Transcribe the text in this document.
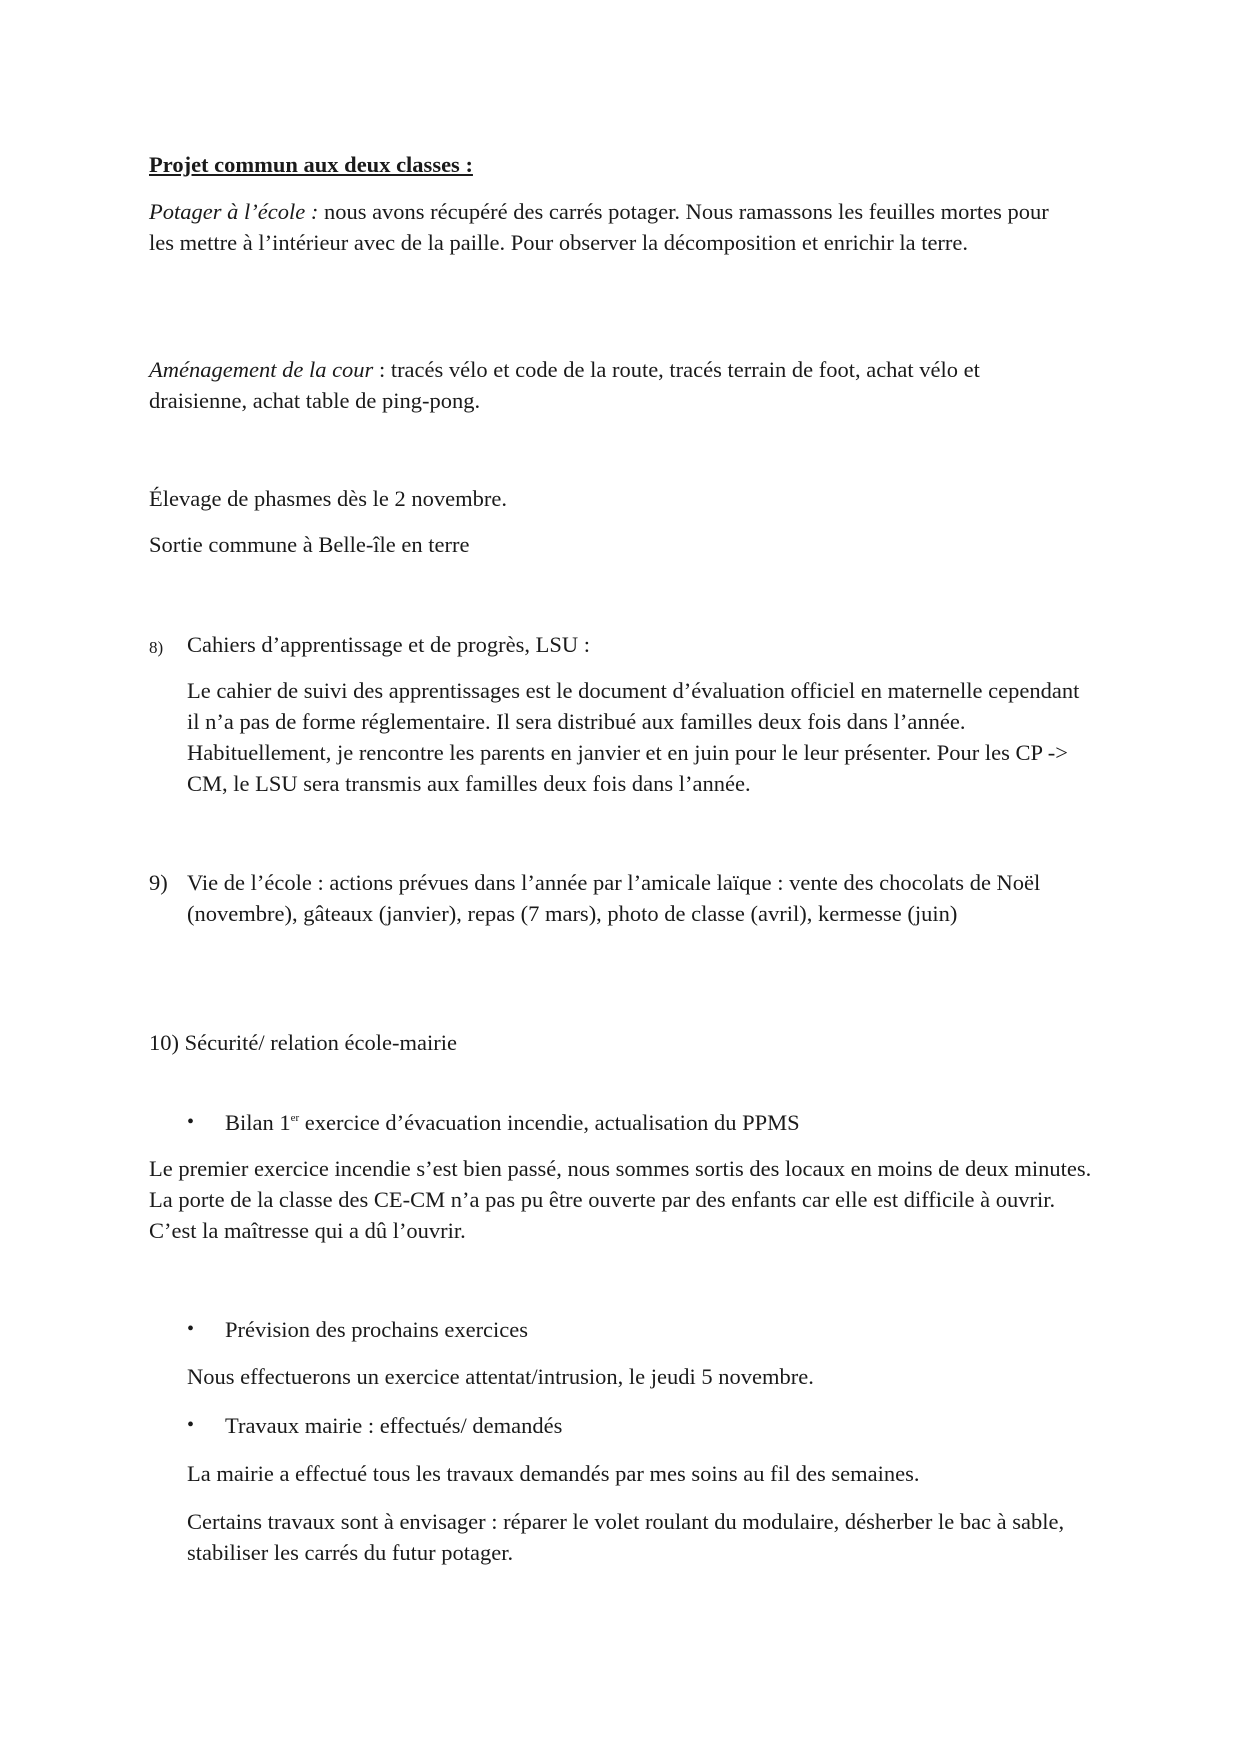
Projet commun aux deux classes :

Potager à l’école : nous avons récupéré des carrés potager. Nous ramassons les feuilles mortes pour les mettre à l’intérieur avec de la paille. Pour observer la décomposition et enrichir la terre.

Aménagement de la cour : tracés vélo et code de la route, tracés terrain de foot, achat vélo et draisienne, achat table de ping-pong.

Élevage de phasmes dès le 2 novembre.

Sortie commune à Belle-île en terre

8) Cahiers d’apprentissage et de progrès, LSU :

Le cahier de suivi des apprentissages est le document d’évaluation officiel en maternelle cependant il n’a pas de forme réglementaire. Il sera distribué aux familles deux fois dans l’année. Habituellement, je rencontre les parents en janvier et en juin pour le leur présenter. Pour les CP -> CM, le LSU sera transmis aux familles deux fois dans l’année.

9) Vie de l’école : actions prévues dans l’année par l’amicale laïque : vente des chocolats de Noël (novembre), gâteaux (janvier), repas (7 mars), photo de classe (avril), kermesse (juin)

10) Sécurité/ relation école-mairie

• Bilan 1er exercice d’évacuation incendie, actualisation du PPMS

Le premier exercice incendie s’est bien passé, nous sommes sortis des locaux en moins de deux minutes. La porte de la classe des CE-CM n’a pas pu être ouverte par des enfants car elle est difficile à ouvrir. C’est la maîtresse qui a dû l’ouvrir.

• Prévision des prochains exercices

Nous effectuerons un exercice attentat/intrusion, le jeudi 5 novembre.

• Travaux mairie : effectués/ demandés

La mairie a effectué tous les travaux demandés par mes soins au fil des semaines.

Certains travaux sont à envisager : réparer le volet roulant du modulaire, désherber le bac à sable, stabiliser les carrés du futur potager.
